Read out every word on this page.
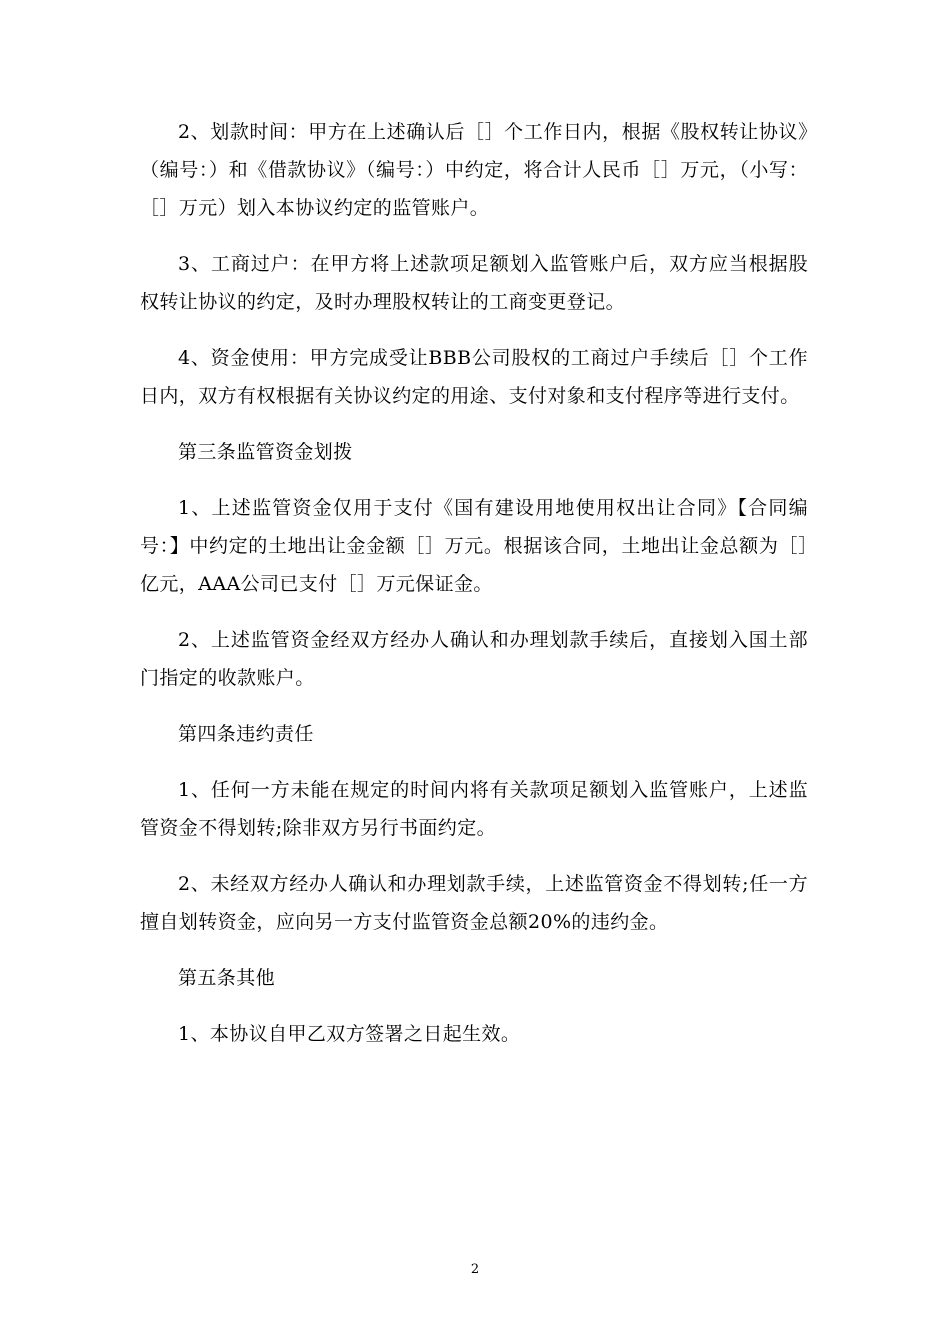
2、划款时间：甲方在上述确认后［］个工作日内，根据《股权转让协议》（编号：）和《借款协议》（编号：）中约定，将合计人民币［］万元，（小写：［］万元）划入本协议约定的监管账户。

3、工商过户：在甲方将上述款项足额划入监管账户后，双方应当根据股权转让协议的约定，及时办理股权转让的工商变更登记。

4、资金使用：甲方完成受让BBB公司股权的工商过户手续后［］个工作日内，双方有权根据有关协议约定的用途、支付对象和支付程序等进行支付。

第三条监管资金划拨

1、上述监管资金仅用于支付《国有建设用地使用权出让合同》【合同编号：】中约定的土地出让金金额［］万元。根据该合同，土地出让金总额为［］亿元，AAA公司已支付［］万元保证金。

2、上述监管资金经双方经办人确认和办理划款手续后，直接划入国土部门指定的收款账户。

第四条违约责任

1、任何一方未能在规定的时间内将有关款项足额划入监管账户，上述监管资金不得划转;除非双方另行书面约定。

2、未经双方经办人确认和办理划款手续，上述监管资金不得划转;任一方擅自划转资金，应向另一方支付监管资金总额20%的违约金。

第五条其他

1、本协议自甲乙双方签署之日起生效。

2
